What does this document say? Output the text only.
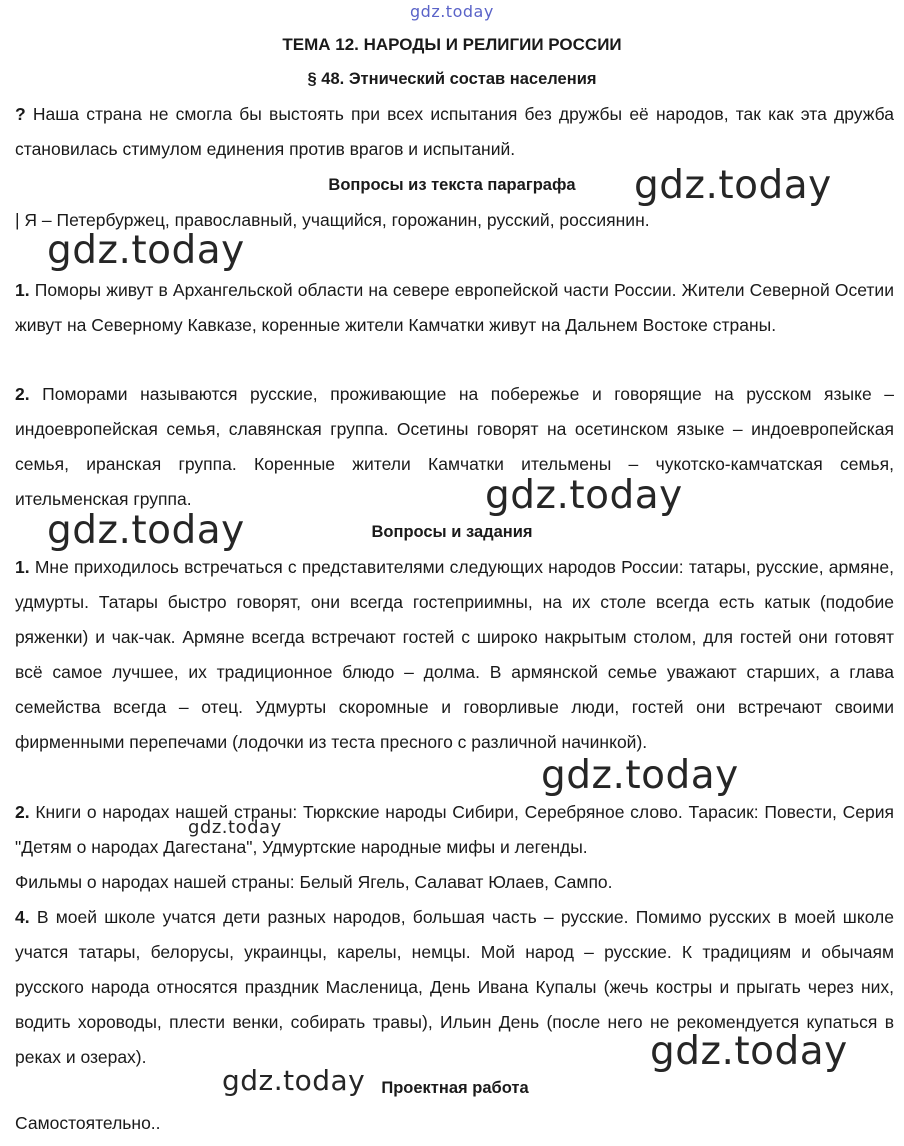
gdz.today
ТЕМА 12. НАРОДЫ И РЕЛИГИИ РОССИИ
§ 48. Этнический состав населения

? Наша страна не смогла бы выстоять при всех испытания без дружбы её народов, так как эта дружба становилась стимулом единения против врагов и испытаний.

Вопросы из текста параграфа

| Я – Петербуржец, православный, учащийся, горожанин, русский, россиянин.

1. Поморы живут в Архангельской области на севере европейской части России. Жители Северной Осетии живут на Северному Кавказе, коренные жители Камчатки живут на Дальнем Востоке страны.

2. Поморами называются русские, проживающие на побережье и говорящие на русском языке – индоевропейская семья, славянская группа. Осетины говорят на осетинском языке – индоевропейская семья, иранская группа. Коренные жители Камчатки ительмены – чукотско-камчатская семья, ительменская группа.

Вопросы и задания

1. Мне приходилось встречаться с представителями следующих народов России: татары, русские, армяне, удмурты. Татары быстро говорят, они всегда гостеприимны, на их столе всегда есть катык (подобие ряженки) и чак-чак. Армяне всегда встречают гостей с широко накрытым столом, для гостей они готовят всё самое лучшее, их традиционное блюдо – долма. В армянской семье уважают старших, а глава семейства всегда – отец. Удмурты скоромные и говорливые люди, гостей они встречают своими фирменными перепечами (лодочки из теста пресного с различной начинкой).

2. Книги о народах нашей страны: Тюркские народы Сибири, Серебряное слово. Тарасик: Повести, Серия "Детям о народах Дагестана", Удмуртские народные мифы и легенды.

Фильмы о народах нашей страны: Белый Ягель, Салават Юлаев, Сампо.

4. В моей школе учатся дети разных народов, большая часть – русские. Помимо русских в моей школе учатся татары, белорусы, украинцы, карелы, немцы. Мой народ – русские. К традициям и обычаям русского народа относятся праздник Масленица, День Ивана Купалы (жечь костры и прыгать через них, водить хороводы, плести венки, собирать травы), Ильин День (после него не рекомендуется купаться в реках и озерах).

Проектная работа

Самостоятельно..

gdz.today
gdz.today
gdz.today
gdz.today
gdz.today
gdz.today
gdz.today
gdz.today
